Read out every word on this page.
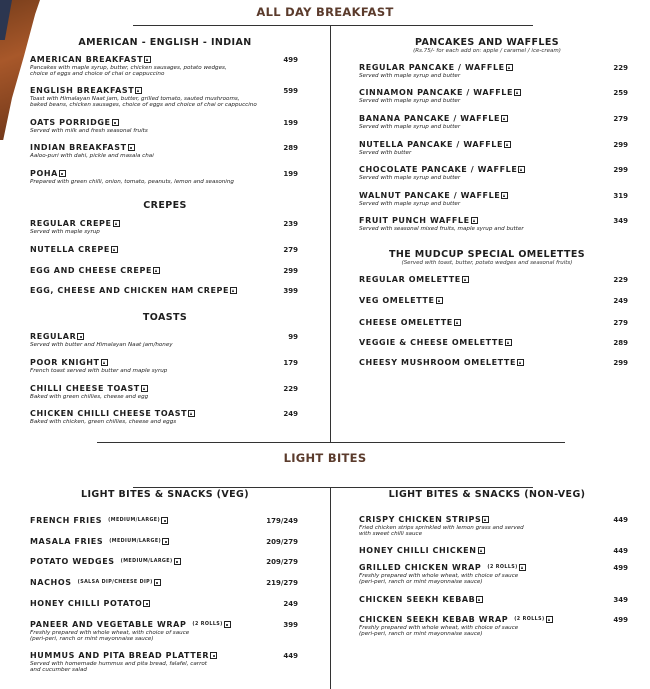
ALL DAY BREAKFAST
LIGHT BITES
AMERICAN - ENGLISH - INDIAN
AMERICAN BREAKFAST
Pancakes with maple syrup, butter, chicken sausages, potato wedges,
choice of eggs and choice of chai or cappuccino
499
ENGLISH BREAKFAST
Toast with Himalayan Naat jam, butter, grilled tomato, sauted mushrooms,
baked beans, chicken sausages, choice of eggs and choice of chai or cappuccino
599
OATS PORRIDGE
Served with milk and fresh seasonal fruits
199
INDIAN BREAKFAST
Aaloo-puri with dahi, pickle and masala chai
289
POHA
Prepared with green chilli, onion, tomato, peanuts, lemon and seasoning
199
CREPES
REGULAR CREPE
Served with maple syrup
239
NUTELLA CREPE	279
EGG AND CHEESE CREPE	299
EGG, CHEESE AND CHICKEN HAM CREPE	399
TOASTS
REGULAR
Served with butter and Himalayan Naat jam/honey
99
POOR KNIGHT
French toast served with butter and maple syrup
179
CHILLI CHEESE TOAST
Baked with green chillies, cheese and egg
229
CHICKEN CHILLI CHEESE TOAST
Baked with chicken, green chillies, cheese and eggs
249
PANCAKES AND WAFFLES
(Rs.75/- for each add on: apple / caramel / ice-cream)
REGULAR PANCAKE / WAFFLE
Served with maple syrup and butter
229
CINNAMON PANCAKE / WAFFLE
Served with maple syrup and butter
259
BANANA PANCAKE / WAFFLE
Served with maple syrup and butter
279
NUTELLA PANCAKE / WAFFLE
Served with butter
299
CHOCOLATE PANCAKE / WAFFLE
Served with maple syrup and butter
299
WALNUT PANCAKE / WAFFLE
Served with maple syrup and butter
319
FRUIT PUNCH WAFFLE
Served with seasonal mixed fruits, maple syrup and butter
349
THE MUDCUP SPECIAL OMELETTES
(Served with toast, butter, potato wedges and seasonal fruits)
REGULAR OMELETTE	229
VEG OMELETTE	249
CHEESE OMELETTE	279
VEGGIE & CHEESE OMELETTE	289
CHEESY MUSHROOM OMELETTE	299
LIGHT BITES & SNACKS (VEG)
FRENCH FRIES (MEDIUM/LARGE)	179/249
MASALA FRIES (MEDIUM/LARGE)	209/279
POTATO WEDGES (MEDIUM/LARGE)	209/279
NACHOS (SALSA DIP/CHEESE DIP)	219/279
HONEY CHILLI POTATO	249
PANEER AND VEGETABLE WRAP (2 ROLLS)
Freshly prepared with whole wheat, with choice of sauce
(peri-peri, ranch or mint mayonnaise sauce)
399
HUMMUS AND PITA BREAD PLATTER
Served with homemade hummus and pita bread, falafel, carrot
and cucumber salad
449
LIGHT BITES & SNACKS (NON-VEG)
CRISPY CHICKEN STRIPS
Fried chicken strips sprinkled with lemon grass and served
with sweet chilli sauce
449
HONEY CHILLI CHICKEN	449
GRILLED CHICKEN WRAP (2 ROLLS)
Freshly prepared with whole wheat, with choice of sauce
(peri-peri, ranch or mint mayonnaise sauce)
499
CHICKEN SEEKH KEBAB	349
CHICKEN SEEKH KEBAB WRAP (2 ROLLS)
Freshly prepared with whole wheat, with choice of sauce
(peri-peri, ranch or mint mayonnaise sauce)
499
